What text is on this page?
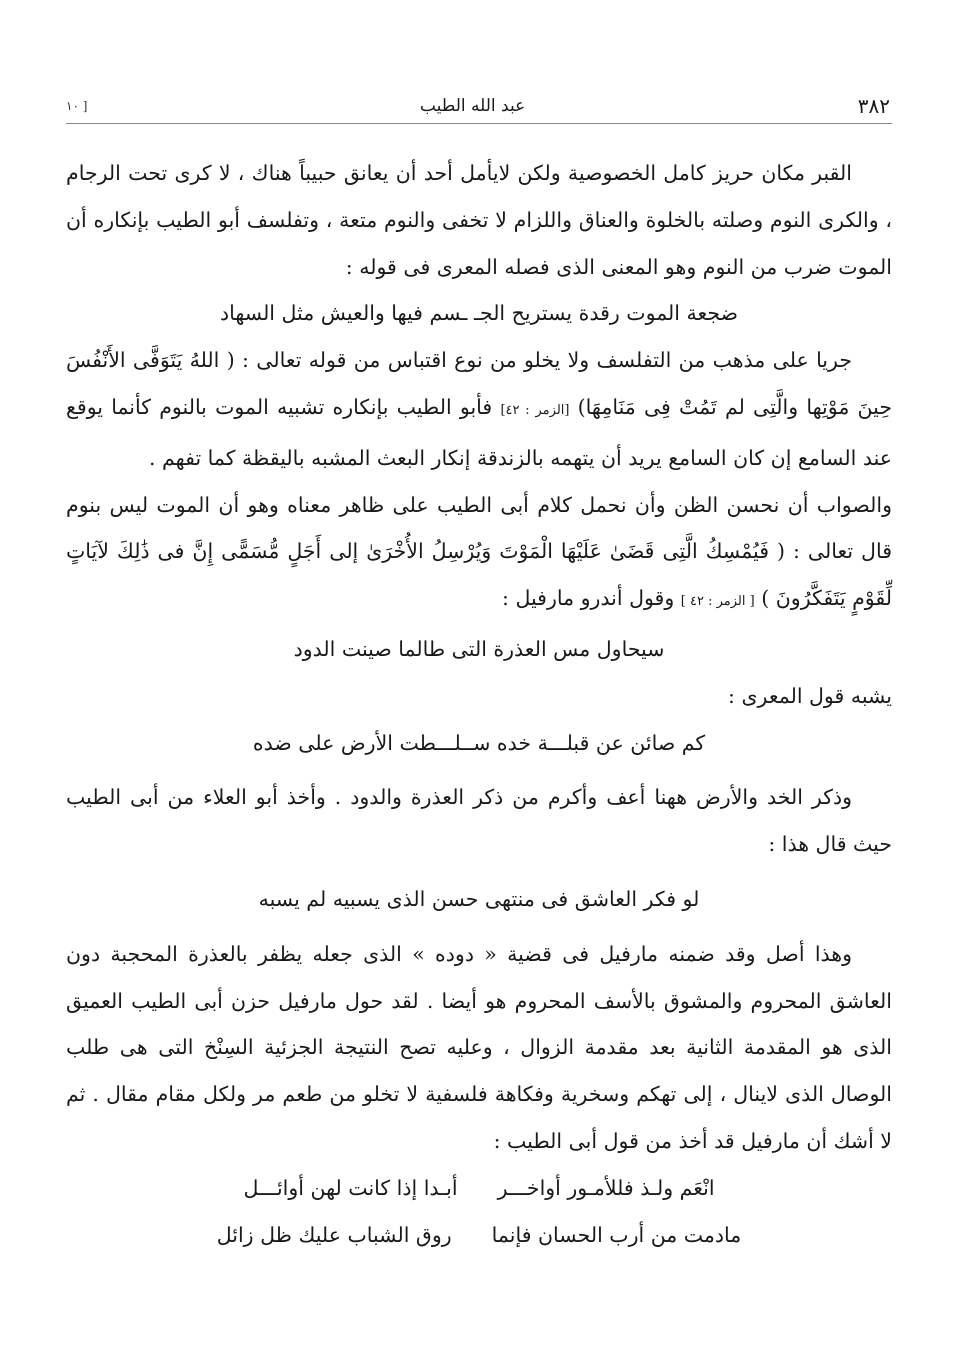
٣٨٢
عبد الله الطيب
[ ١٠

القبر مكان حريز كامل الخصوصية ولكن لايأمل أحد أن يعانق حبيباً هناك ، لا كرى تحت الرجام ، والكرى النوم وصلته بالخلوة والعناق واللزام لا تخفى والنوم متعة ، وتفلسف أبو الطيب بإنكاره أن الموت ضرب من النوم وهو المعنى الذى فصله المعرى فى قوله :

ضجعة الموت رقدة يستريح الجـ ـسم فيها والعيش مثل السهاد

جريا على مذهب من التفلسف ولا يخلو من نوع اقتباس من قوله تعالى : ( اللهُ يَتَوَفَّى الأَنْفُسَ حِينَ مَوْتِها والَّتِى لم تَمُتْ فِى مَنَامِهَا) [الزمر : ٤٢] فأبو الطيب بإنكاره تشبيه الموت بالنوم كأنما يوقع عند السامع إن كان السامع يريد أن يتهمه بالزندقة إنكار البعث المشبه باليقظة كما تفهم .

والصواب أن نحسن الظن وأن نحمل كلام أبى الطيب على ظاهر معناه وهو أن الموت ليس بنوم قال تعالى : ( فَيُمْسِكُ الَّتِى قَضَىٰ عَلَيْهَا الْمَوْتَ وَيُرْسِلُ الأُخْرَىٰ إلى أَجَلٍ مُّسَمًّى إِنَّ فى ذَٰلِكَ لآيَاتٍ لِّقَوْمٍ يَتَفَكَّرُونَ ) [ الزمر : ٤٢ ] وقول أندرو مارفيل :

سيحاول مس العذرة التى طالما صينت الدود

يشبه قول المعرى :

كم صائن عن قبلـــة خده ســلـــطت الأرض على ضده

وذكر الخد والأرض ههنا أعف وأكرم من ذكر العذرة والدود . وأخذ أبو العلاء من أبى الطيب حيث قال هذا :

لو فكر العاشق فى منتهى حسن الذى يسبيه لم يسبه

وهذا أصل وقد ضمنه مارفيل فى قضية « دوده » الذى جعله يظفر بالعذرة المحجبة دون العاشق المحروم والمشوق بالأسف المحروم هو أيضا . لقد حول مارفيل حزن أبى الطيب العميق الذى هو المقدمة الثانية بعد مقدمة الزوال ، وعليه تصح النتيجة الجزئية السِنْخ التى هى طلب الوصال الذى لاينال ، إلى تهكم وسخرية وفكاهة فلسفية لا تخلو من طعم مر ولكل مقام مقال . ثم لا أشك أن مارفيل قد أخذ من قول أبى الطيب :

انْعَم ولـذ فللأمـور أواخـــر
أبـدا إذا كانت لهن أوائـــل
مادمت من أرب الحسان فإنما
روق الشباب عليك ظل زائل
